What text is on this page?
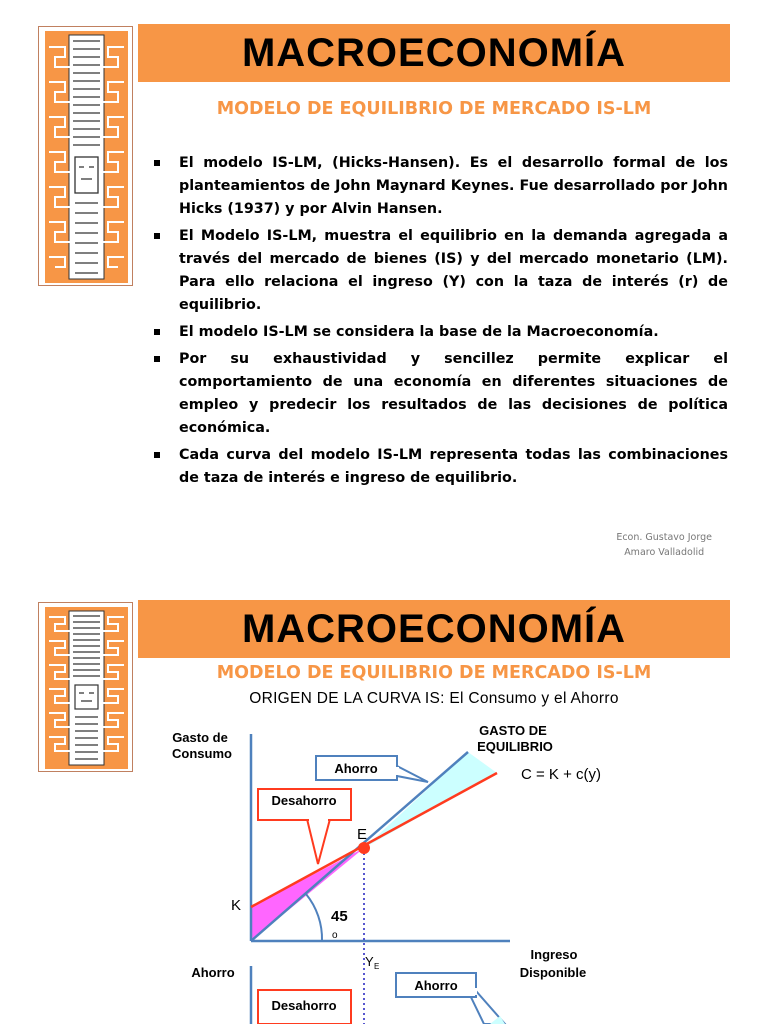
MACROECONOMÍA
MODELO DE EQUILIBRIO DE MERCADO IS-LM
El modelo IS-LM, (Hicks-Hansen). Es el desarrollo formal de los planteamientos de John Maynard Keynes. Fue desarrollado por John Hicks (1937) y por Alvin Hansen.
El Modelo IS-LM, muestra el equilibrio en la demanda agregada a través del mercado de bienes (IS) y del mercado monetario (LM). Para ello relaciona el ingreso (Y) con la taza de interés (r) de equilibrio.
El modelo IS-LM se considera la base de la Macroeconomía.
Por su exhaustividad y sencillez permite explicar el comportamiento de una economía en diferentes situaciones de empleo y predecir los resultados de las decisiones de política económica.
Cada curva del modelo IS-LM representa todas las combinaciones de taza de interés e ingreso de equilibrio.
Econ. Gustavo Jorge
Amaro Valladolid
MACROECONOMÍA
MODELO DE EQUILIBRIO DE MERCADO IS-LM
ORIGEN DE LA CURVA IS: El Consumo y el Ahorro
Gasto de
Consumo
GASTO DE
EQUILIBRIO
C = K + c(y)
E
K
45
o
Y E
Ingreso
Disponible
Ahorro
Desahorro
Ahorro
Desahorro
Ahorro
